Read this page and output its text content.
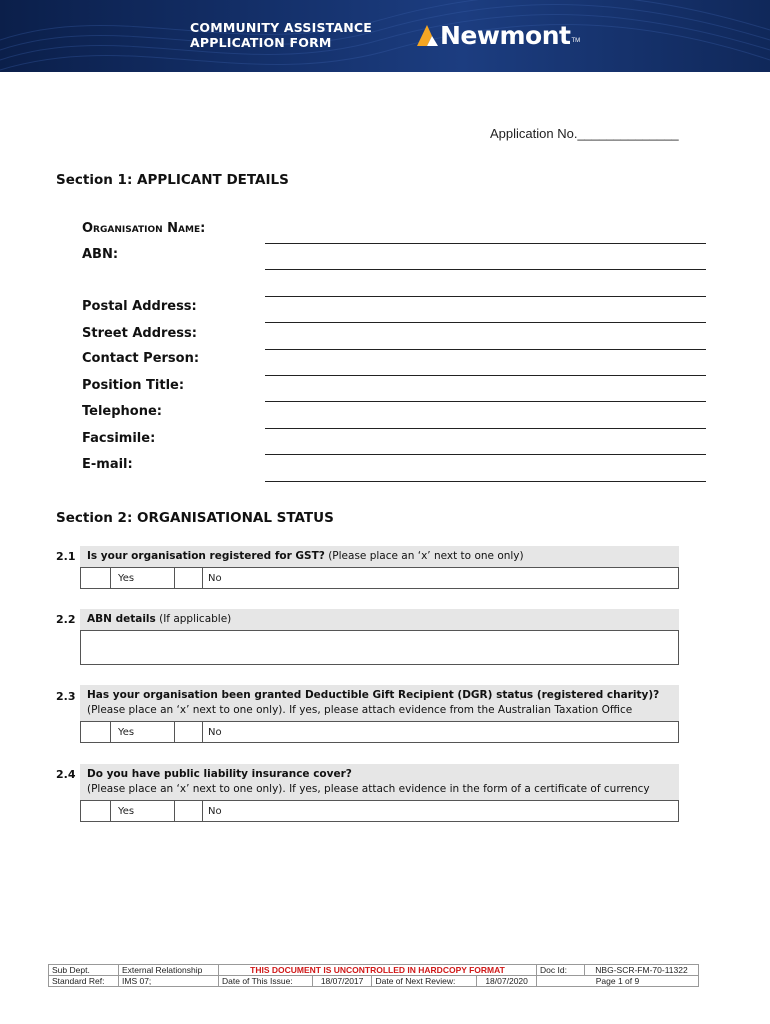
COMMUNITY ASSISTANCE
APPLICATION FORM	Newmont TM
Application No.______________
Section 1: APPLICANT DETAILS
Organisation Name:
ABN:
Postal Address:
Street Address:
Contact Person:
Position Title:
Telephone:
Facsimile:
E-mail:
Section 2: ORGANISATIONAL STATUS
2.1	Is your organisation registered for GST? (Please place an ‘x’ next to one only)
Yes	No
2.2	ABN details (If applicable)
2.3 Has your organisation been granted Deductible Gift Recipient (DGR) status (registered charity)?
(Please place an ‘x’ next to one only). If yes, please attach evidence from the Australian Taxation Office
Yes	No
2.4 Do you have public liability insurance cover?
(Please place an ‘x’ next to one only). If yes, please attach evidence in the form of a certificate of currency
Yes	No
Sub Dept.	External Relationship	THIS DOCUMENT IS UNCONTROLLED IN HARDCOPY FORMAT				Doc Id:	NBG-SCR-FM-70-11322
Standard Ref:	IMS 07;	Date of This Issue:	18/07/2017	Date of Next Review:	18/07/2020	Page 1 of 9	
